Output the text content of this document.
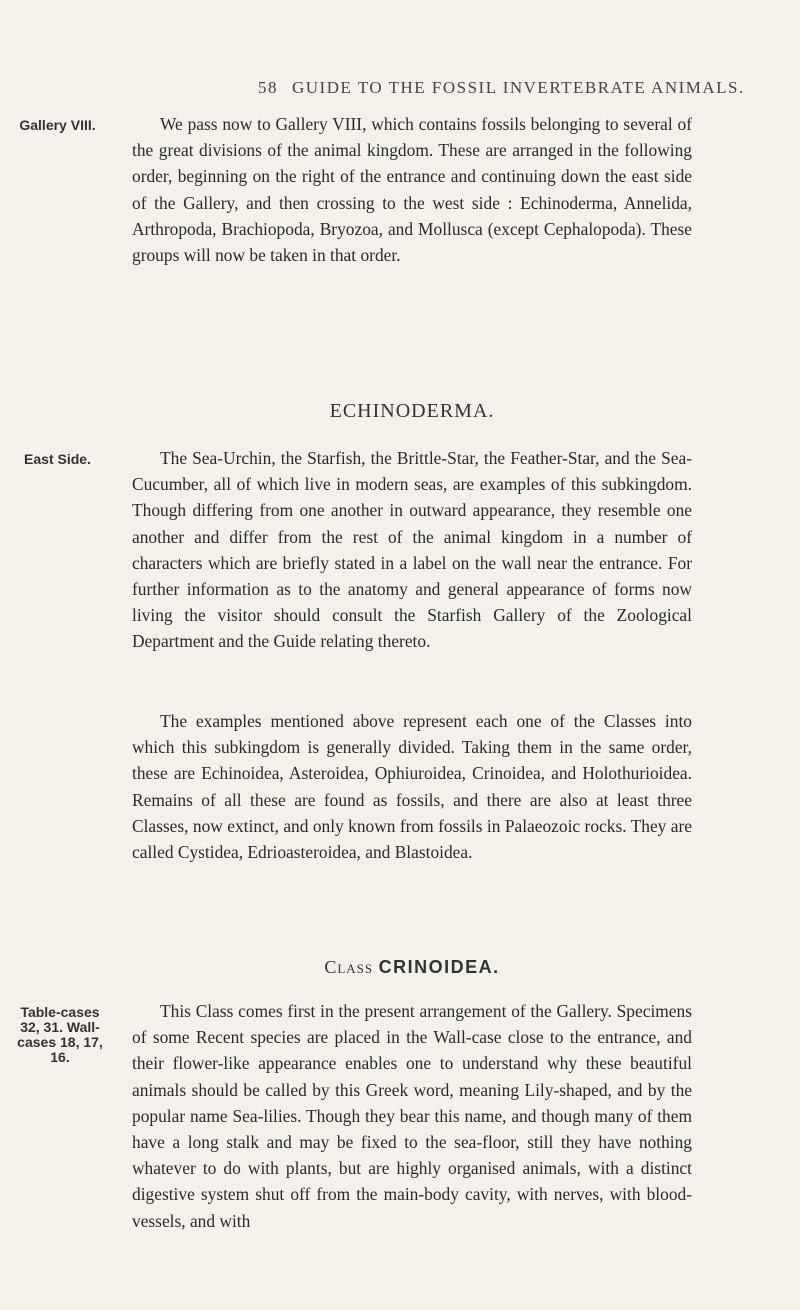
58 GUIDE TO THE FOSSIL INVERTEBRATE ANIMALS.
Gallery VIII.	We pass now to Gallery VIII, which contains fossils belonging to several of the great divisions of the animal kingdom. These are arranged in the following order, beginning on the right of the entrance and continuing down the east side of the Gallery, and then crossing to the west side : Echinoderma, Annelida, Arthropoda, Brachiopoda, Bryozoa, and Mollusca (except Cephalopoda). These groups will now be taken in that order.

ECHINODERMA.
East Side.	The Sea-Urchin, the Starfish, the Brittle-Star, the Feather-Star, and the Sea-Cucumber, all of which live in modern seas, are examples of this subkingdom. Though differing from one another in outward appearance, they resemble one another and differ from the rest of the animal kingdom in a number of characters which are briefly stated in a label on the wall near the entrance. For further information as to the anatomy and general appearance of forms now living the visitor should consult the Starfish Gallery of the Zoological Department and the Guide relating thereto.

The examples mentioned above represent each one of the Classes into which this subkingdom is generally divided. Taking them in the same order, these are Echinoidea, Asteroidea, Ophiuroidea, Crinoidea, and Holothurioidea. Remains of all these are found as fossils, and there are also at least three Classes, now extinct, and only known from fossils in Palaeozoic rocks. They are called Cystidea, Edrioasteroidea, and Blastoidea.

Class CRINOIDEA.
Table-cases 32, 31. Wall-cases 18, 17, 16.

This Class comes first in the present arrangement of the Gallery. Specimens of some Recent species are placed in the Wall-case close to the entrance, and their flower-like appearance enables one to understand why these beautiful animals should be called by this Greek word, meaning Lily-shaped, and by the popular name Sea-lilies. Though they bear this name, and though many of them have a long stalk and may be fixed to the sea-floor, still they have nothing whatever to do with plants, but are highly organised animals, with a distinct digestive system shut off from the main-body cavity, with nerves, with blood-vessels, and with
